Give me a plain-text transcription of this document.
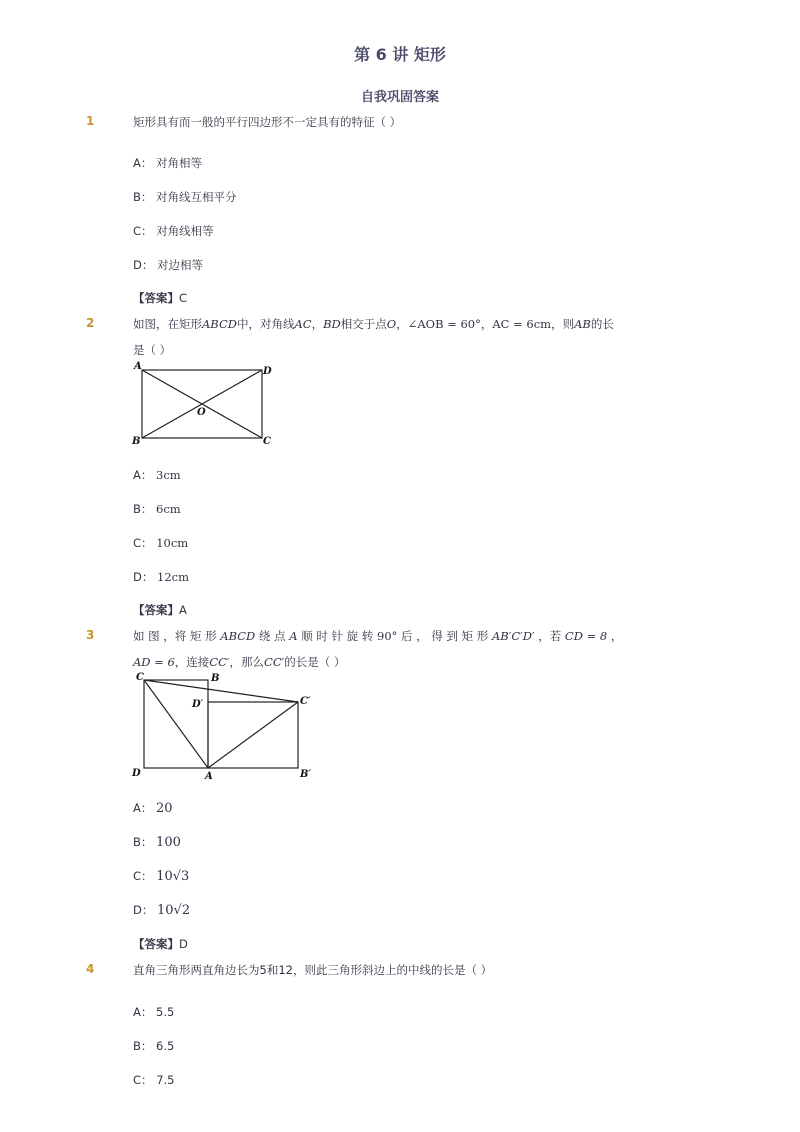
第 6 讲 矩形
自我巩固答案
1	矩形具有而一般的平行四边形不一定具有的特征（ ）
A： 对角相等
B： 对角线互相平分
C： 对角线相等
D： 对边相等
【答案】C
2	如图，在矩形ABCD中，对角线AC，BD相交于点O，∠AOB = 60°，AC = 6cm，则AB的长
是（ ）
A
B	C
D
O
A： 3cm
B： 6cm
C： 10cm
D： 12cm
【答案】A
3	如 图 ，将 矩 形 ABCD 绕 点 A 顺 时 针 旋 转 90° 后 ， 得 到 矩 形 AB′C′D′ ，若 CD = 8 ，
AD = 6，连接CC′，那么CC′的长是（ ）
C	B
D′	C′
D	A	B′
A： 20
B： 100
C： 10√3
D： 10√2
【答案】D
4	直角三角形两直角边长为5和12，则此三角形斜边上的中线的长是（ ）
A： 5.5
B： 6.5
C： 7.5
